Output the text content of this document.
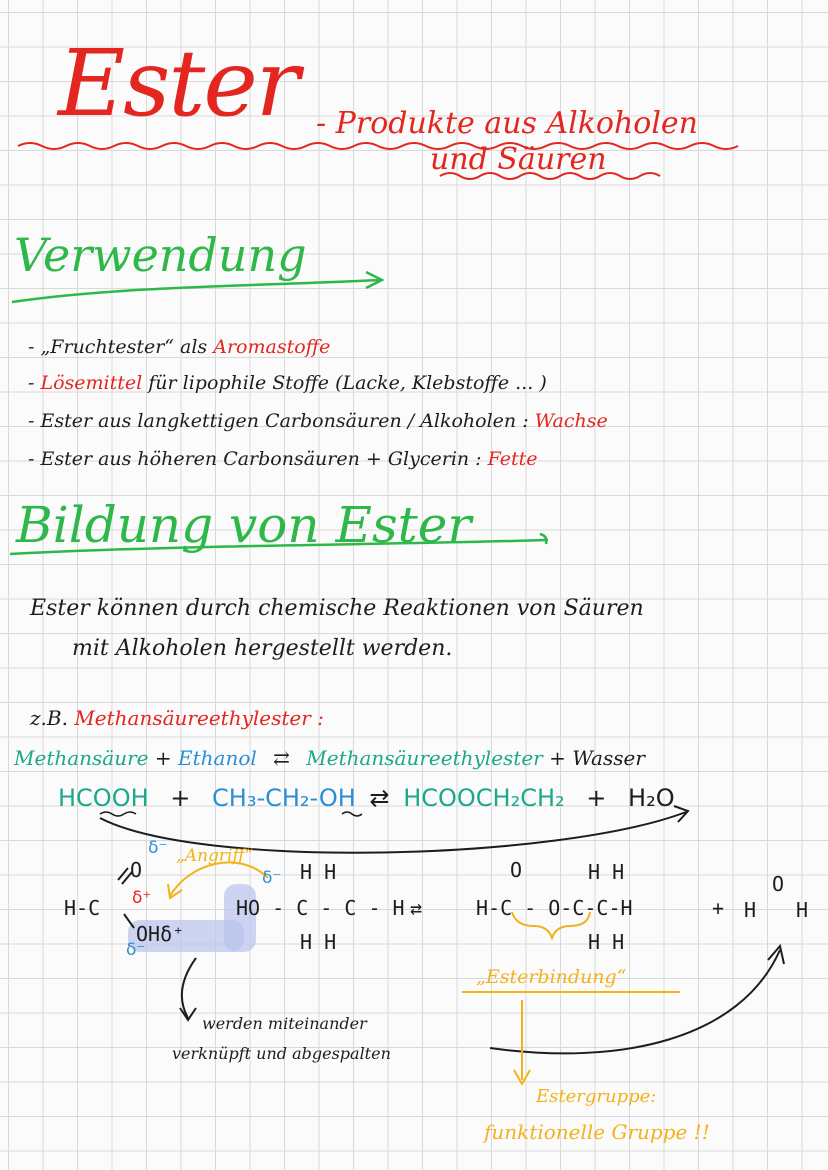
Ester - Produkte aus Alkoholen
und Säuren
Verwendung
- „Fruchtester“ als Aromastoffe
- Lösemittel für lipophile Stoffe (Lacke, Klebstoffe ... )
- Ester aus langkettigen Carbonsäuren / Alkoholen : Wachse
- Ester aus höheren Carbonsäuren + Glycerin : Fette
Bildung von Ester
Ester können durch chemische Reaktionen von Säuren
mit Alkoholen hergestellt werden.
z.B. Methansäureethylester :
Methansäure + Ethanol ⇄ Methansäureethylester + Wasser
HCOOH + CH₃-CH₂-OH ⇄ HCOOCH₂CH₂ + H₂O
H-C
O
OHδ⁺
δ⁻
δ⁺
δ⁻
„Angriff“
δ⁻ H H
HO - C - C - H
H H
⇄
O	H H
H-C - O-C-C-H
H H
+ H
O
H
„Esterbindung“
werden miteinander
verknüpft und abgespalten
Estergruppe:
funktionelle Gruppe !!
